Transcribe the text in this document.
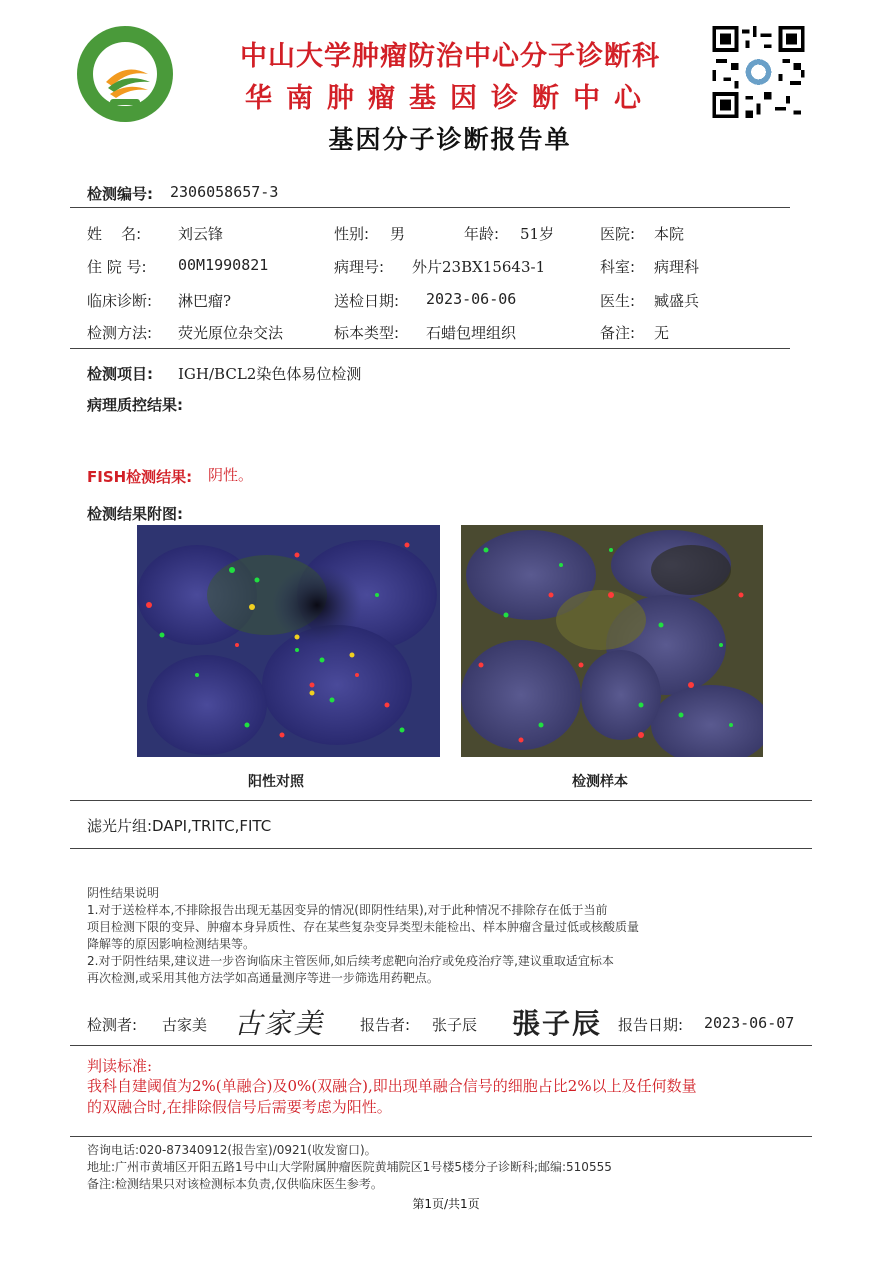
中山大学肿瘤防治中心分子诊断科
华南肿瘤基因诊断中心
基因分子诊断报告单
检测编号: 2306058657-3
姓    名: 刘云锋	性别: 男	年龄: 51岁	医院: 本院
住 院 号: 00M1990821	病理号: 外片23BX15643-1	科室: 病理科
临床诊断: 淋巴瘤?	送检日期: 2023-06-06	医生: 臧盛兵
检测方法: 荧光原位杂交法	标本类型: 石蜡包埋组织	备注: 无
检测项目: IGH/BCL2染色体易位检测
病理质控结果:
FISH检测结果: 阴性。
检测结果附图:
阳性对照	检测样本
滤光片组:DAPI,TRITC,FITC
阴性结果说明
1.对于送检样本,不排除报告出现无基因变异的情况(即阴性结果),对于此种情况不排除存在低于当前
项目检测下限的变异、肿瘤本身异质性、存在某些复杂变异类型未能检出、样本肿瘤含量过低或核酸质量
降解等的原因影响检测结果等。
2.对于阴性结果,建议进一步咨询临床主管医师,如后续考虑靶向治疗或免疫治疗等,建议重取适宜标本
再次检测,或采用其他方法学如高通量测序等进一步筛选用药靶点。
检测者: 古家美 古家美 报告者: 张子辰 張子辰 报告日期: 2023-06-07
判读标准:
我科自建阈值为2%(单融合)及0%(双融合),即出现单融合信号的细胞占比2%以上及任何数量
的双融合时,在排除假信号后需要考虑为阳性。
咨询电话:020-87340912(报告室)/0921(收发窗口)。
地址:广州市黄埔区开阳五路1号中山大学附属肿瘤医院黄埔院区1号楼5楼分子诊断科;邮编:510555
备注:检测结果只对该检测标本负责,仅供临床医生参考。
第1页/共1页
